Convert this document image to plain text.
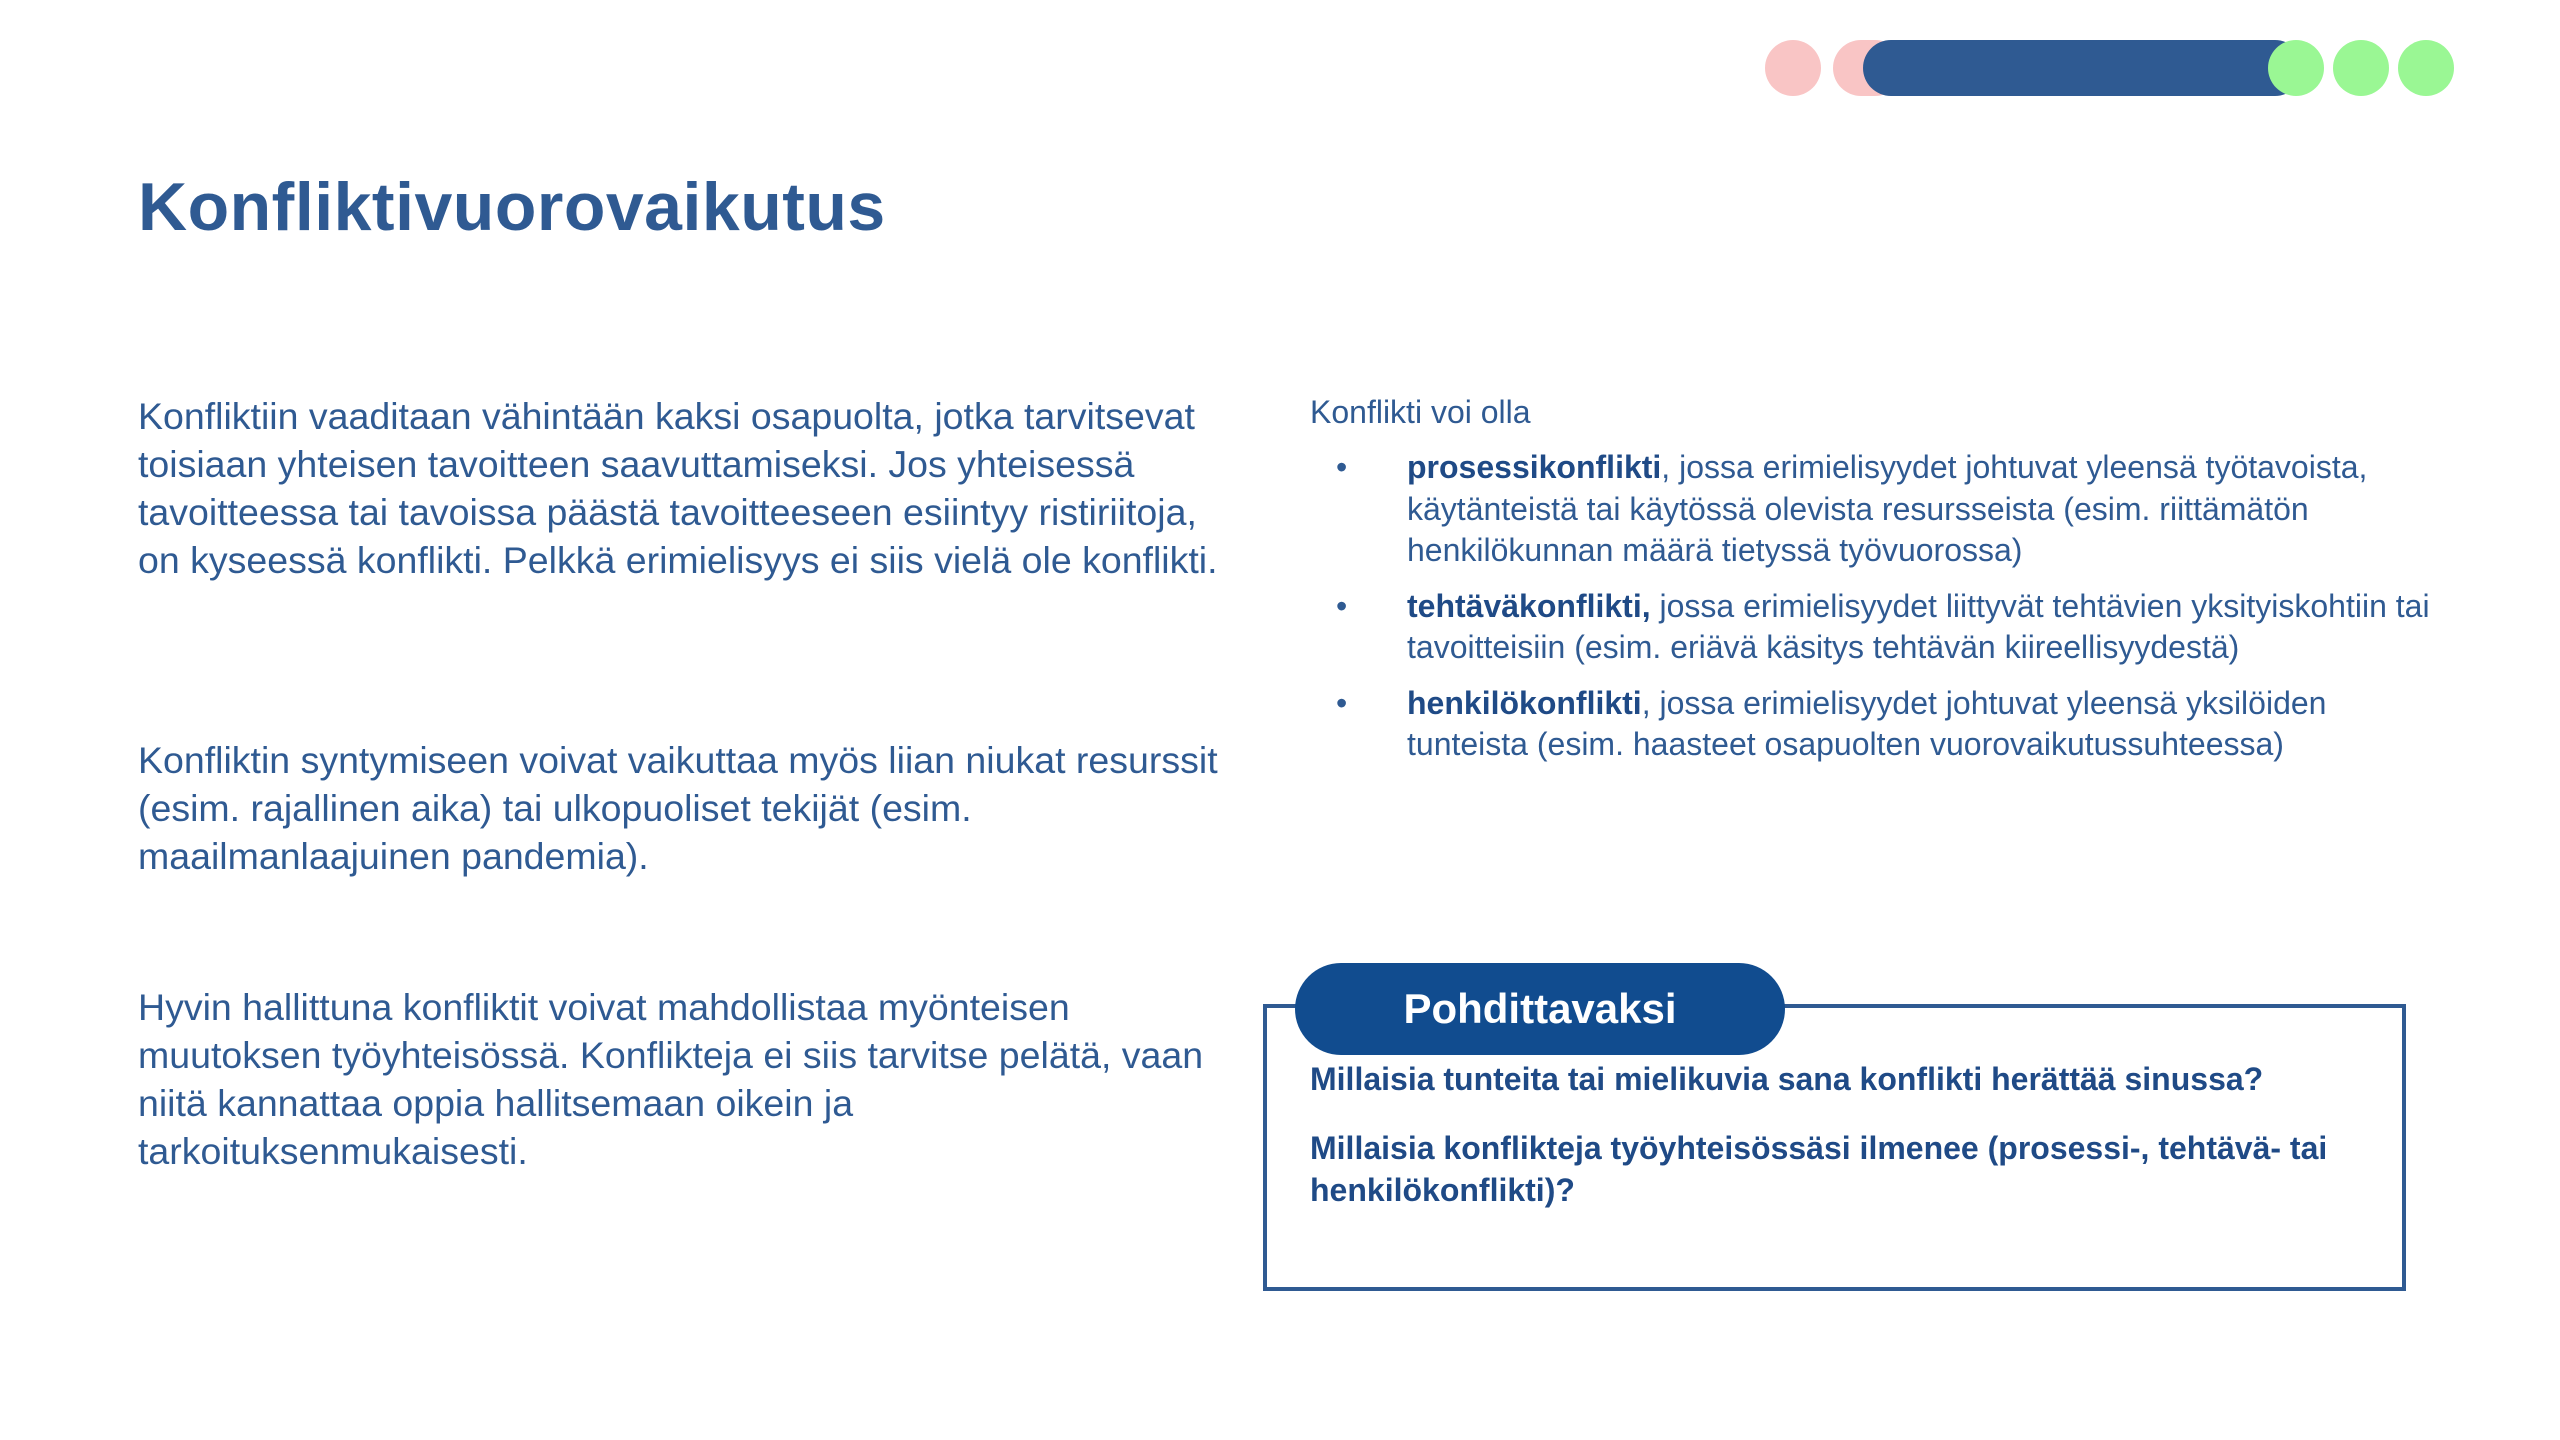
Konfliktivuorovaikutus

Konfliktiin vaaditaan vähintään kaksi osapuolta, jotka tarvitsevat toisiaan yhteisen tavoitteen saavuttamiseksi. Jos yhteisessä tavoitteessa tai tavoissa päästä tavoitteeseen esiintyy ristiriitoja, on kyseessä konflikti. Pelkkä erimielisyys ei siis vielä ole konflikti.

Konfliktin syntymiseen voivat vaikuttaa myös liian niukat resurssit (esim. rajallinen aika) tai ulkopuoliset tekijät (esim. maailmanlaajuinen pandemia).

Hyvin hallittuna konfliktit voivat mahdollistaa myönteisen muutoksen työyhteisössä. Konflikteja ei siis tarvitse pelätä, vaan niitä kannattaa oppia hallitsemaan oikein ja tarkoituksenmukaisesti.

Konflikti voi olla

• prosessikonflikti, jossa erimielisyydet johtuvat yleensä työtavoista, käytänteistä tai käytössä olevista resursseista (esim. riittämätön henkilökunnan määrä tietyssä työvuorossa)
• tehtäväkonflikti, jossa erimielisyydet liittyvät tehtävien yksityiskohtiin tai tavoitteisiin (esim. eriävä käsitys tehtävän kiireellisyydestä)
• henkilökonflikti, jossa erimielisyydet johtuvat yleensä yksilöiden tunteista (esim. haasteet osapuolten vuorovaikutussuhteessa)
Pohdittavaksi

Millaisia tunteita tai mielikuvia sana konflikti herättää sinussa?

Millaisia konflikteja työyhteisössäsi ilmenee (prosessi-, tehtävä- tai henkilökonflikti)?
